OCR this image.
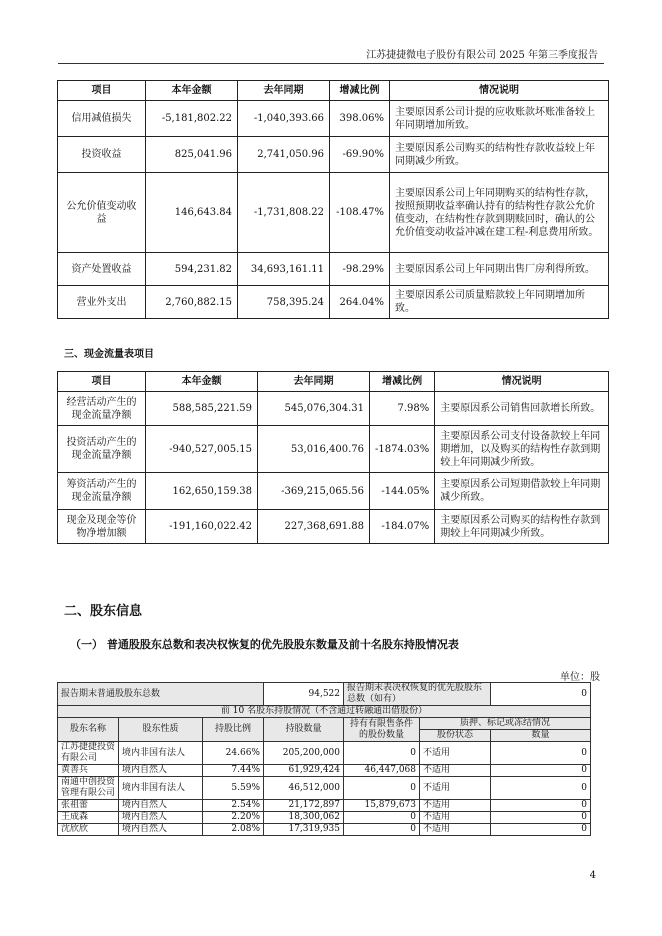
江苏捷捷微电子股份有限公司 2025 年第三季度报告
项目	本年金额	去年同期	增减比例	情况说明
信用减值损失	-5,181,802.22	-1,040,393.66	398.06%	主要原因系公司计提的应收账款坏账准备较上年同期增加所致。
投资收益	825,041.96	2,741,050.96	-69.90%	主要原因系公司购买的结构性存款收益较上年同期减少所致。
公允价值变动收益	146,643.84	-1,731,808.22	-108.47%	主要原因系公司上年同期购买的结构性存款，按照预期收益率确认持有的结构性存款公允价值变动，在结构性存款到期赎回时，确认的公允价值变动收益冲减在建工程-利息费用所致。
资产处置收益	594,231.82	34,693,161.11	-98.29%	主要原因系公司上年同期出售厂房利得所致。
营业外支出	2,760,882.15	758,395.24	264.04%	主要原因系公司质量赔款较上年同期增加所致。
三、现金流量表项目
项目	本年金额	去年同期	增减比例	情况说明
经营活动产生的现金流量净额	588,585,221.59	545,076,304.31	7.98%	主要原因系公司销售回款增长所致。
投资活动产生的现金流量净额	-940,527,005.15	53,016,400.76	-1874.03%	主要原因系公司支付设备款较上年同期增加，以及购买的结构性存款到期较上年同期减少所致。
筹资活动产生的现金流量净额	162,650,159.38	-369,215,065.56	-144.05%	主要原因系公司短期借款较上年同期减少所致。
现金及现金等价物净增加额	-191,160,022.42	227,368,691.88	-184.07%	主要原因系公司购买的结构性存款到期较上年同期减少所致。
二、股东信息
（一） 普通股股东总数和表决权恢复的优先股股东数量及前十名股东持股情况表
单位：股
报告期末普通股股东总数			94,522	报告期末表决权恢复的优先股股东总数（如有）		0
前 10 名股东持股情况（不含通过转融通出借股份）						
股东名称	股东性质	持股比例	持股数量	持有有限售条件的股份数量	质押、标记或冻结情况	
					股份状态	数量
江苏捷捷投资有限公司	境内非国有法人	24.66%	205,200,000	0	不适用	0
黄善兵	境内自然人	7.44%	61,929,424	46,447,068	不适用	0
南通中创投资管理有限公司	境内非国有法人	5.59%	46,512,000	0	不适用	0
张祖蕾	境内自然人	2.54%	21,172,897	15,879,673	不适用	0
王成森	境内自然人	2.20%	18,300,062	0	不适用	0
沈欣欣	境内自然人	2.08%	17,319,935	0	不适用	0
4
